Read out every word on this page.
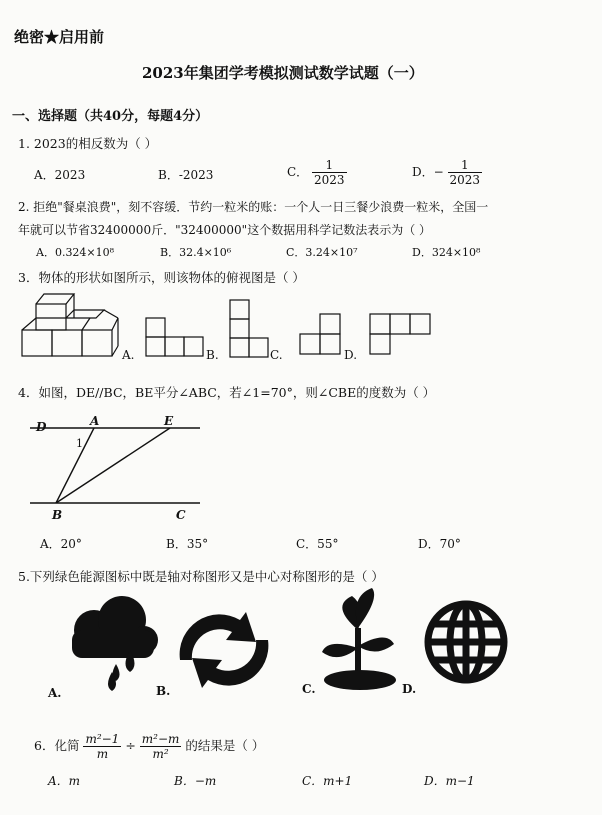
绝密★启用前
2023年集团学考模拟测试数学试题（一）
一、选择题（共40分，每题4分）
1. 2023的相反数为（ ）
A．2023	B．-2023	C． $\frac{1}{2023}$	D．− $\frac{1}{2023}$
2. 拒绝"餐桌浪费"，刻不容缓．节约一粒米的账：一个人一日三餐少浪费一粒米，全国一
年就可以节省32400000斤．"32400000"这个数据用科学记数法表示为（ ）
A．0.324×10⁸	B．32.4×10⁶	C．3.24×10⁷	D．324×10⁸
3．物体的形状如图所示，则该物体的俯视图是（ ）
A.	B.	C.	D.
4．如图，DE//BC，BE平分∠ABC，若∠1=70°，则∠CBE的度数为（ ）
D	A	E
B	C
1
A．20°	B．35°	C．55°	D．70°
5.下列绿色能源图标中既是轴对称图形又是中心对称图形的是（ ）
A.	B.	C.	D.
6．化简 $\frac{\text{m²−1}}{m} \div \frac{\text{m²−m}}{\text{m²}}$ 的结果是（ ）
A．m	B．−m	C．m+1	D．m−1
